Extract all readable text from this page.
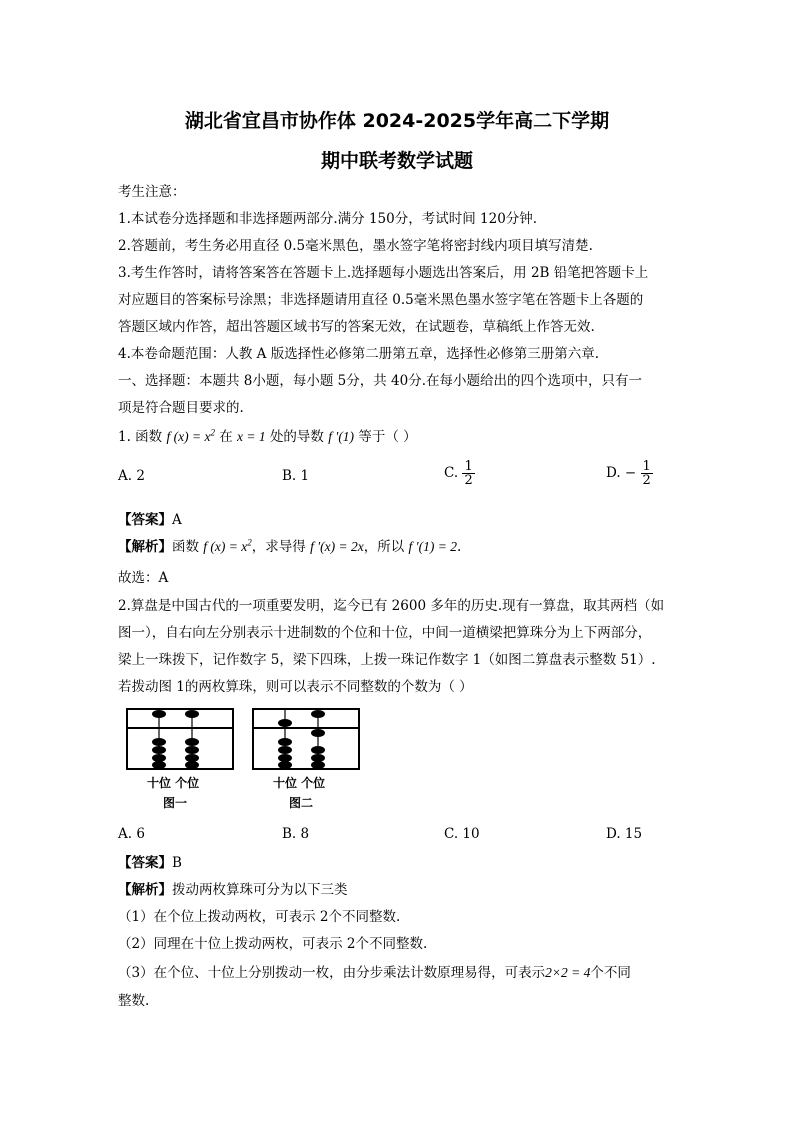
湖北省宜昌市协作体 2024-2025学年高二下学期
期中联考数学试题
考生注意：
1.本试卷分选择题和非选择题两部分.满分 150分，考试时间 120分钟.
2.答题前，考生务必用直径 0.5毫米黑色，墨水签字笔将密封线内项目填写清楚.
3.考生作答时，请将答案答在答题卡上.选择题每小题选出答案后，用 2B 铅笔把答题卡上
对应题目的答案标号涂黑；非选择题请用直径 0.5毫米黑色墨水签字笔在答题卡上各题的
答题区域内作答，超出答题区域书写的答案无效，在试题卷，草稿纸上作答无效.
4.本卷命题范围：人教 A 版选择性必修第二册第五章，选择性必修第三册第六章.
一、选择题：本题共 8小题，每小题 5分，共 40分.在每小题给出的四个选项中，只有一
项是符合题目要求的.
1. 函数 f $(x) = x^2$ 在 x = 1 处的导数 f ′(1) 等于（ ）
A. 2	B. 1	C. $\frac{1}{2}$	D. − $\frac{1}{2}$
【答案】A
【解析】函数 f $(x) = x^2$，求导得 f ′(x) = 2x，所以 f ′(1) = 2.
故选：A
2.算盘是中国古代的一项重要发明，迄今已有 2600 多年的历史.现有一算盘，取其两档（如
图一），自右向左分别表示十进制数的个位和十位，中间一道横梁把算珠分为上下两部分，
梁上一珠拨下，记作数字 5，梁下四珠，上拨一珠记作数字 1（如图二算盘表示整数 51）.
若拨动图 1的两枚算珠，则可以表示不同整数的个数为（ ）
十位 个位
图一
十位 个位
图二
A. 6	B. 8	C. 10	D. 15
【答案】B
【解析】拨动两枚算珠可分为以下三类
（1）在个位上拨动两枚，可表示 2个不同整数.
（2）同理在十位上拨动两枚，可表示 2个不同整数.
（3）在个位、十位上分别拨动一枚，由分步乘法计数原理易得，可表示2×2 = 4个不同
整数.
